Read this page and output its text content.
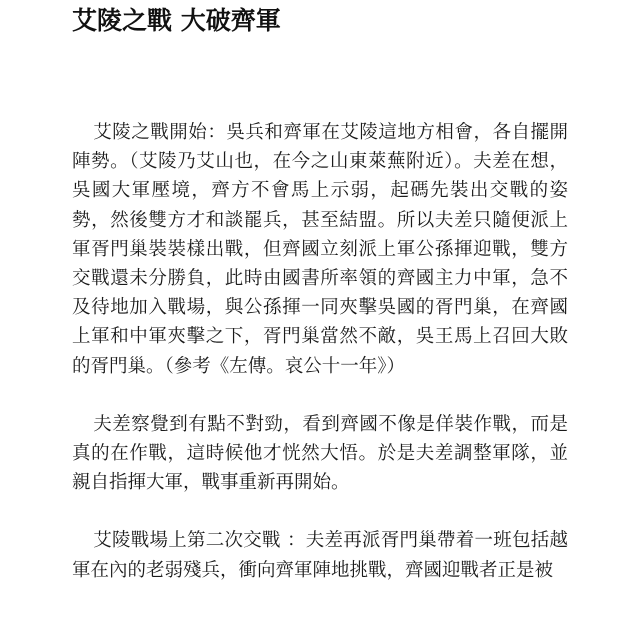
艾陵之戰 大破齊軍

艾陵之戰開始：吳兵和齊軍在艾陵這地方相會，各自擺開陣勢。（艾陵乃艾山也，在今之山東萊蕪附近）。夫差在想，吳國大軍壓境，齊方不會馬上示弱，起碼先裝出交戰的姿勢，然後雙方才和談罷兵，甚至結盟。所以夫差只隨便派上軍胥門巢裝裝樣出戰，但齊國立刻派上軍公孫揮迎戰，雙方交戰還未分勝負，此時由國書所率領的齊國主力中軍，急不及待地加入戰場，與公孫揮一同夾擊吳國的胥門巢，在齊國上軍和中軍夾擊之下，胥門巢當然不敵，吳王馬上召回大敗的胥門巢。（參考《左傳。哀公十一年》）

夫差察覺到有點不對勁，看到齊國不像是佯裝作戰，而是真的在作戰，這時候他才恍然大悟。於是夫差調整軍隊，並親自指揮大軍，戰事重新再開始。

艾陵戰場上第二次交戰 ：夫差再派胥門巢帶着一班包括越軍在內的老弱殘兵，衝向齊軍陣地挑戰，齊國迎戰者正是被
